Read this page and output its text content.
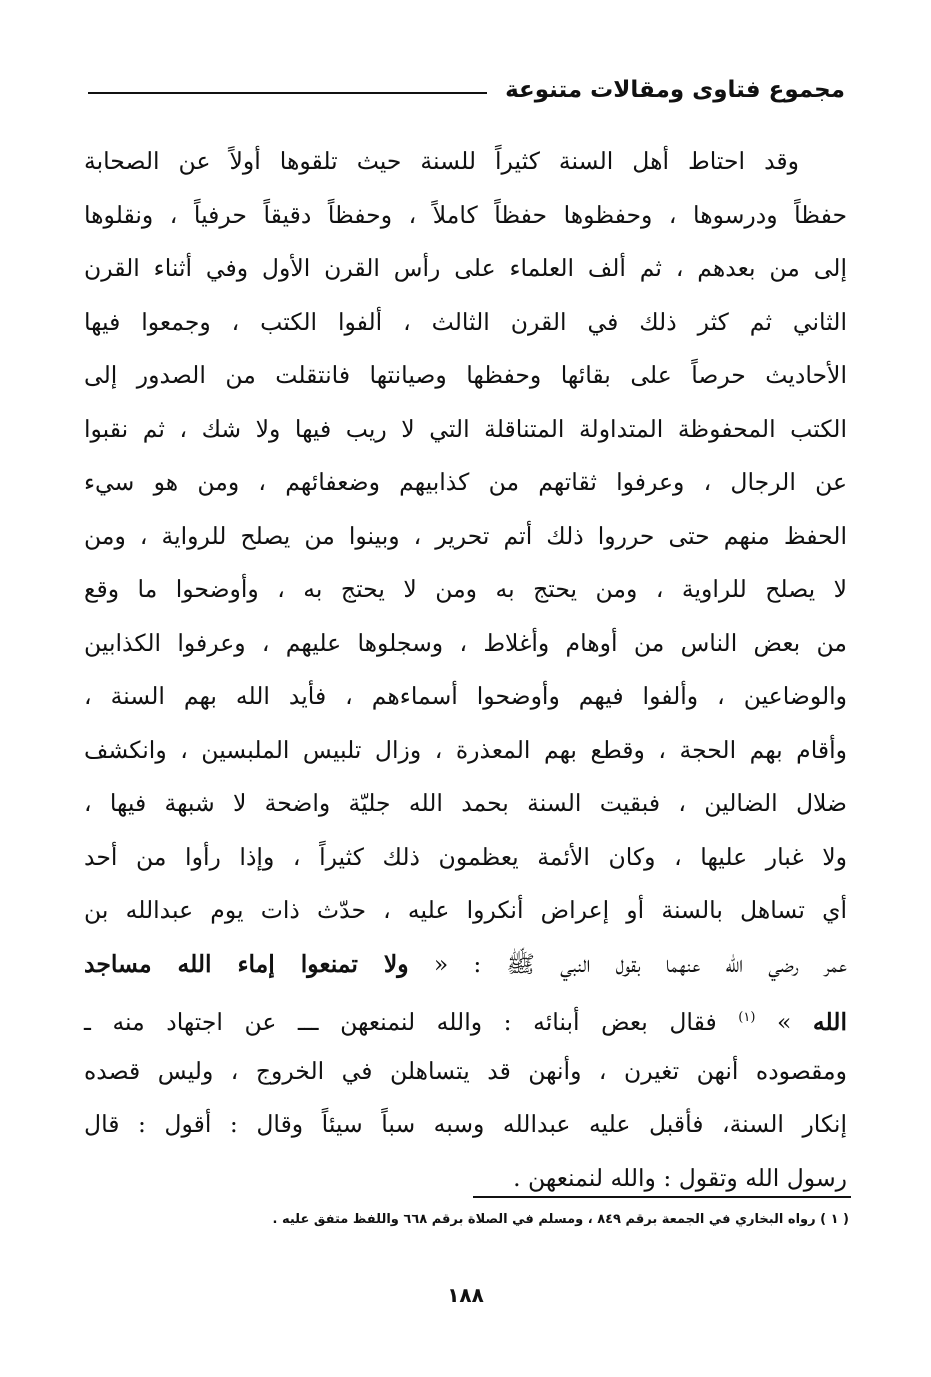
مجموع فتاوى ومقالات متنوعة
وقد احتاط أهل السنة كثيراً للسنة حيث تلقوها أولاً عن الصحابة
حفظاً ودرسوها ، وحفظوها حفظاً كاملاً ، وحفظاً دقيقاً حرفياً ، ونقلوها
إلى من بعدهم ، ثم ألف العلماء على رأس القرن الأول وفي أثناء القرن
الثاني ثم كثر ذلك في القرن الثالث ، ألفوا الكتب ، وجمعوا فيها
الأحاديث حرصاً على بقائها وحفظها وصيانتها فانتقلت من الصدور إلى
الكتب المحفوظة المتداولة المتناقلة التي لا ريب فيها ولا شك ، ثم نقبوا
عن الرجال ، وعرفوا ثقاتهم من كذابيهم وضعفائهم ، ومن هو سيء
الحفظ منهم حتى حرروا ذلك أتم تحرير ، وبينوا من يصلح للرواية ، ومن
لا يصلح للراوية ، ومن يحتج به ومن لا يحتج به ، وأوضحوا ما وقع
من بعض الناس من أوهام وأغلاط ، وسجلوها عليهم ، وعرفوا الكذابين
والوضاعين ، وألفوا فيهم وأوضحوا أسماءهم ، فأيد الله بهم السنة ،
وأقام بهم الحجة ، وقطع بهم المعذرة ، وزال تلبيس الملبسين ، وانكشف
ضلال الضالين ، فبقيت السنة بحمد الله جليّة واضحة لا شبهة فيها ،
ولا غبار عليها ، وكان الأئمة يعظمون ذلك كثيراً ، وإذا رأوا من أحد
أي تساهل بالسنة أو إعراض أنكروا عليه ، حدّث ذات يوم عبدالله بن
عمر رضي الله عنهما بقول النبي ﷺ : « ولا تمنعوا إماء الله مساجد
الله » $^{(١)}$ فقال بعض أبنائه : والله لنمنعهن ـــ عن اجتهاد منه ـ
ومقصوده أنهن تغيرن ، وأنهن قد يتساهلن في الخروج ، وليس قصده
إنكار السنة، فأقبل عليه عبدالله وسبه سباً سيئاً وقال : أقول : قال
رسول الله وتقول : والله لنمنعهن .
( ١ ) رواه البخاري في الجمعة برقم ٨٤٩ ، ومسلم في الصلاة برقم ٦٦٨ واللفظ متفق عليه .
١٨٨
